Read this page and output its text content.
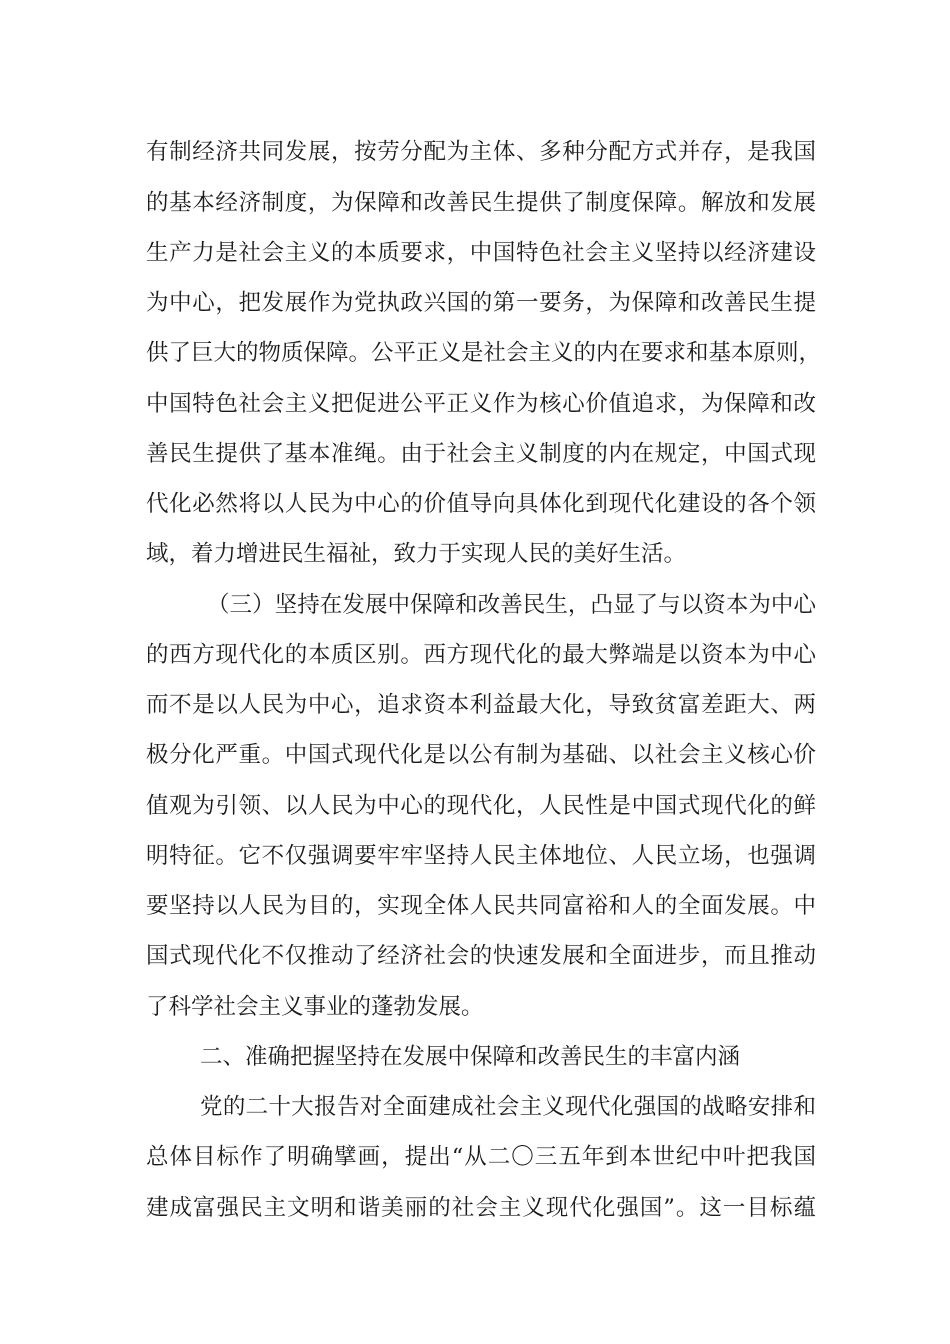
有制经济共同发展，按劳分配为主体、多种分配方式并存，是我国
的基本经济制度，为保障和改善民生提供了制度保障。解放和发展
生产力是社会主义的本质要求，中国特色社会主义坚持以经济建设
为中心，把发展作为党执政兴国的第一要务，为保障和改善民生提
供了巨大的物质保障。公平正义是社会主义的内在要求和基本原则，
中国特色社会主义把促进公平正义作为核心价值追求，为保障和改
善民生提供了基本准绳。由于社会主义制度的内在规定，中国式现
代化必然将以人民为中心的价值导向具体化到现代化建设的各个领
域，着力增进民生福祉，致力于实现人民的美好生活。
（三）坚持在发展中保障和改善民生，凸显了与以资本为中心
的西方现代化的本质区别。西方现代化的最大弊端是以资本为中心
而不是以人民为中心，追求资本利益最大化，导致贫富差距大、两
极分化严重。中国式现代化是以公有制为基础、以社会主义核心价
值观为引领、以人民为中心的现代化，人民性是中国式现代化的鲜
明特征。它不仅强调要牢牢坚持人民主体地位、人民立场，也强调
要坚持以人民为目的，实现全体人民共同富裕和人的全面发展。中
国式现代化不仅推动了经济社会的快速发展和全面进步，而且推动
了科学社会主义事业的蓬勃发展。
二、准确把握坚持在发展中保障和改善民生的丰富内涵
党的二十大报告对全面建成社会主义现代化强国的战略安排和
总体目标作了明确擘画，提出“从二〇三五年到本世纪中叶把我国
建成富强民主文明和谐美丽的社会主义现代化强国”。这一目标蕴
